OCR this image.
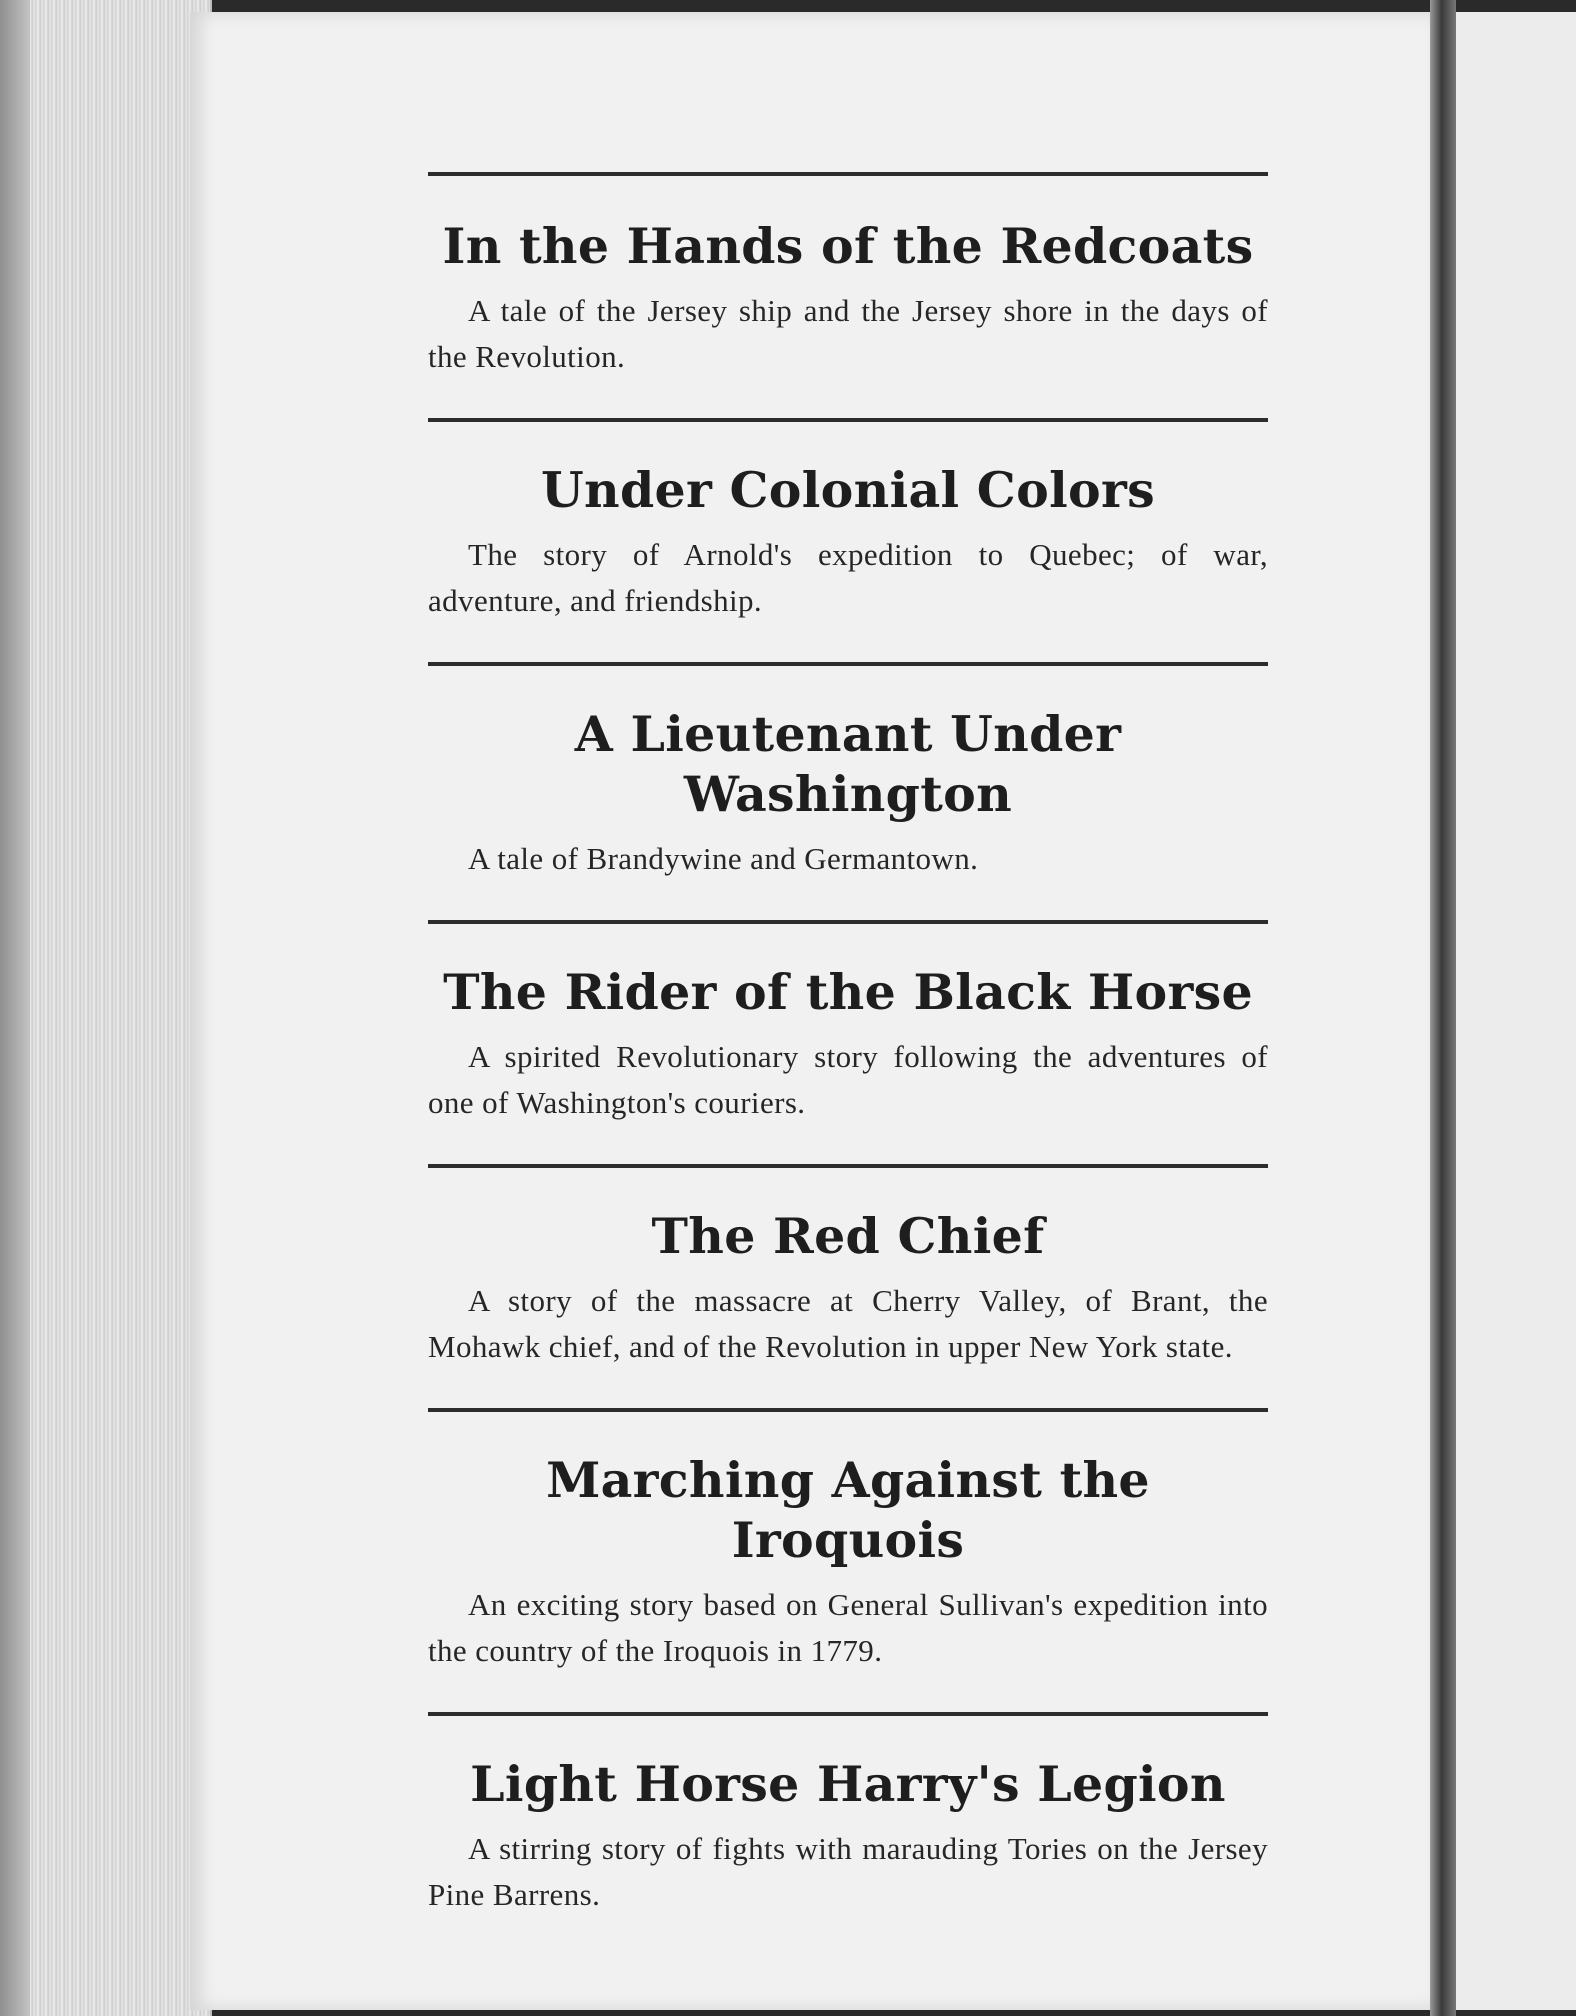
In the Hands of the Redcoats

A tale of the Jersey ship and the Jersey shore in the days of the Revolution.

Under Colonial Colors

The story of Arnold's expedition to Quebec; of war, adventure, and friendship.

A Lieutenant Under Washington

A tale of Brandywine and Germantown.

The Rider of the Black Horse

A spirited Revolutionary story following the adventures of one of Washington's couriers.

The Red Chief

A story of the massacre at Cherry Valley, of Brant, the Mohawk chief, and of the Revolution in upper New York state.

Marching Against the Iroquois

An exciting story based on General Sullivan's expedition into the country of the Iroquois in 1779.

Light Horse Harry's Legion

A stirring story of fights with marauding Tories on the Jersey Pine Barrens.
